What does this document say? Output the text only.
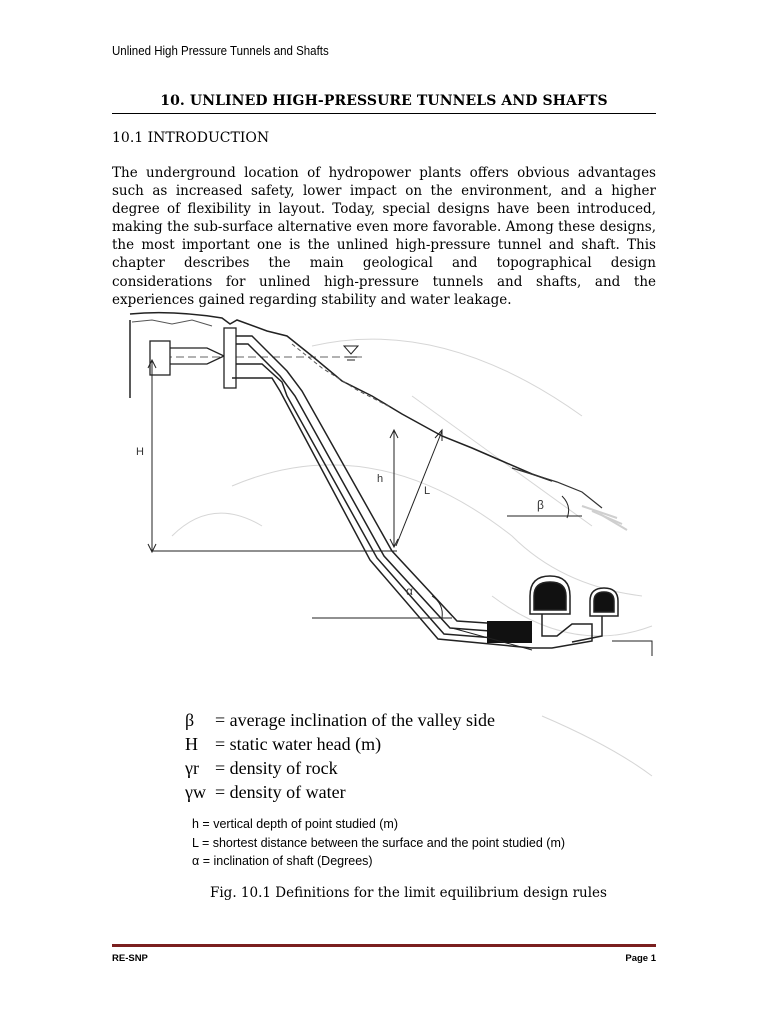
Unlined High Pressure Tunnels and Shafts
10. UNLINED HIGH-PRESSURE TUNNELS AND SHAFTS
10.1 INTRODUCTION
The underground location of hydropower plants offers obvious advantages such as increased safety, lower impact on the environment, and a higher degree of flexibility in layout. Today, special designs have been introduced, making the sub-surface alternative even more favorable. Among these designs, the most important one is the unlined high-pressure tunnel and shaft. This chapter describes the main geological and topographical design considerations for unlined high-pressure tunnels and shafts, and the experiences gained regarding stability and water leakage.
H
h
L
β
α
β	= average inclination of the valley side
H = static water head (m)
γr = density of rock
γw = density of water
h = vertical depth of point studied (m)
L = shortest distance between the surface and the point studied (m)
α = inclination of shaft (Degrees)
Fig. 10.1 Definitions for the limit equilibrium design rules
RE-SNP	Page 1
